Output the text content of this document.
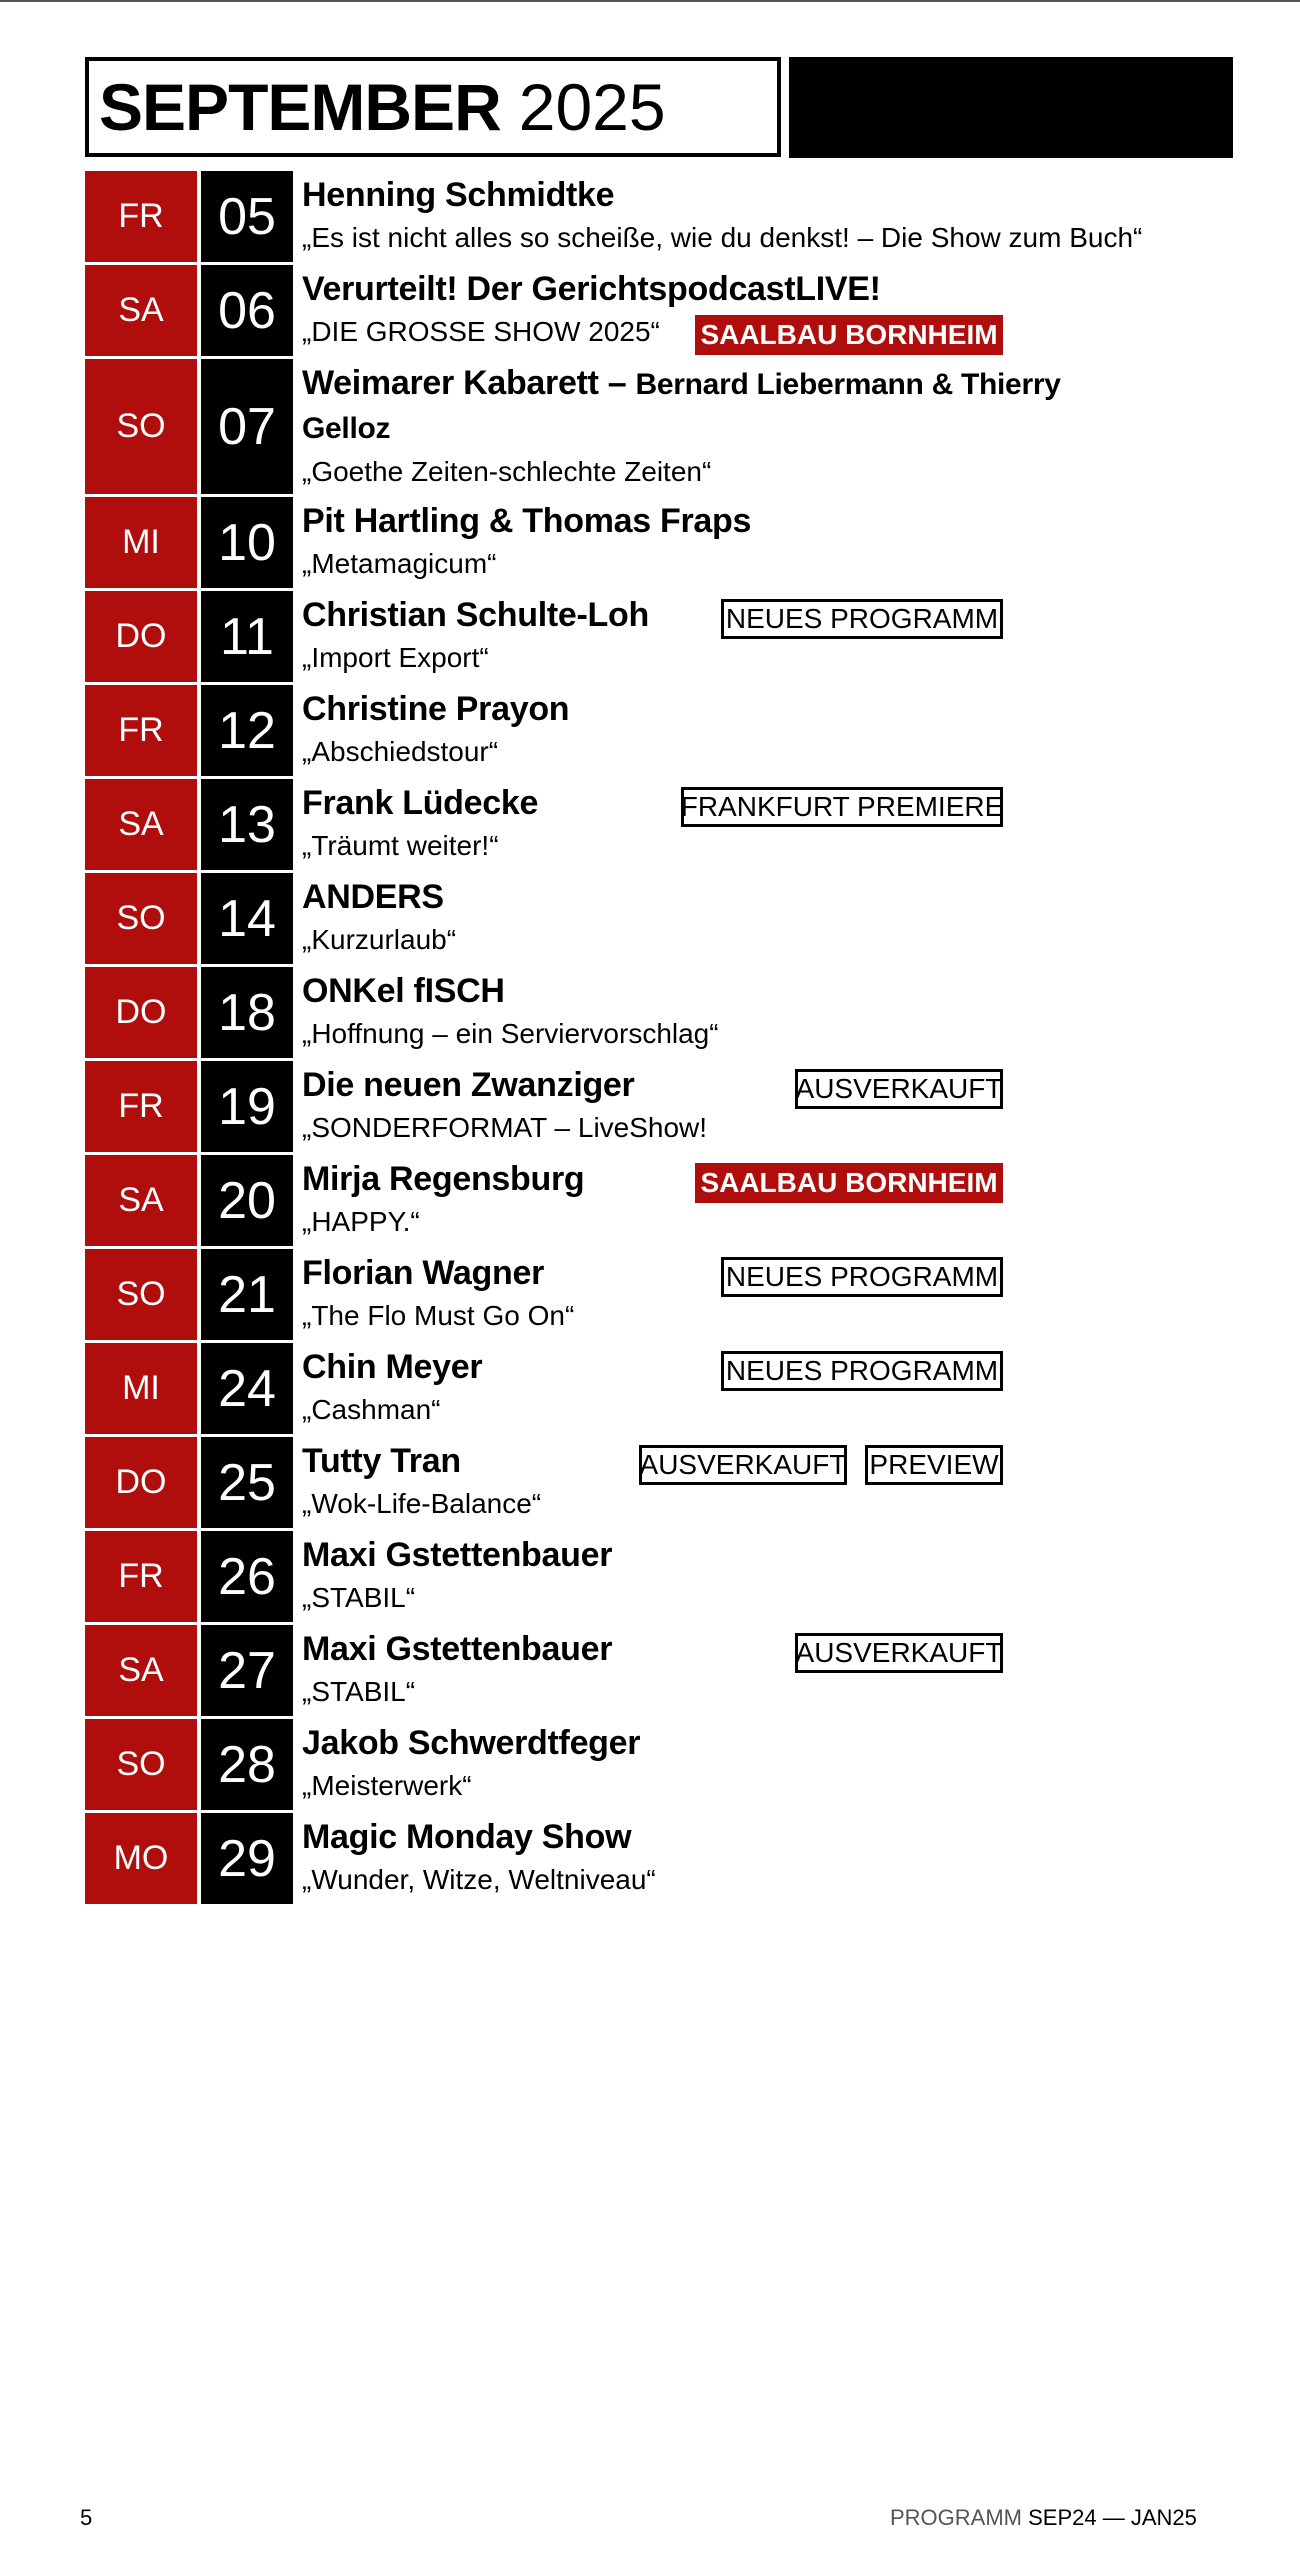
SEPTEMBER 2025
FR	05 Henning Schmidtke
„Es ist nicht alles so scheiße, wie du denkst! – Die Show zum Buch“
SA	06 Verurteilt! Der GerichtspodcastLIVE!
„DIE GROSSE SHOW 2025“	SAALBAU BORNHEIM
SO	07
Weimarer Kabarett – Bernard Liebermann & Thierry
Gelloz
„Goethe Zeiten-schlechte Zeiten“
MI	10 Pit Hartling & Thomas Fraps
„Metamagicum“
DO	11 Christian Schulte-Loh
„Import Export“
NEUES PROGRAMM
FR	12 Christine Prayon
„Abschiedstour“
SA	13 Frank Lüdecke
„Träumt weiter!“
FRANKFURT PREMIERE
SO	14 ANDERS
„Kurzurlaub“
DO 18 ONKel fISCH
„Hoffnung – ein Serviervorschlag“
FR	19 Die neuen Zwanziger
„SONDERFORMAT – LiveShow!
AUSVERKAUFT
SA	20 Mirja Regensburg
„HAPPY.“
SAALBAU BORNHEIM
SO	21 Florian Wagner
„The Flo Must Go On“
NEUES PROGRAMM
MI	24 Chin Meyer
„Cashman“
NEUES PROGRAMM
DO 25 Tutty Tran
„Wok-Life-Balance“
PREVIEW
AUSVERKAUFT
FR	26 Maxi Gstettenbauer
„STABIL“
SA	27 Maxi Gstettenbauer
„STABIL“
AUSVERKAUFT
SO	28 Jakob Schwerdtfeger
„Meisterwerk“
MO 29 Magic Monday Show
„Wunder, Witze, Weltniveau“
5	PROGRAMM SEP24 — JAN25
